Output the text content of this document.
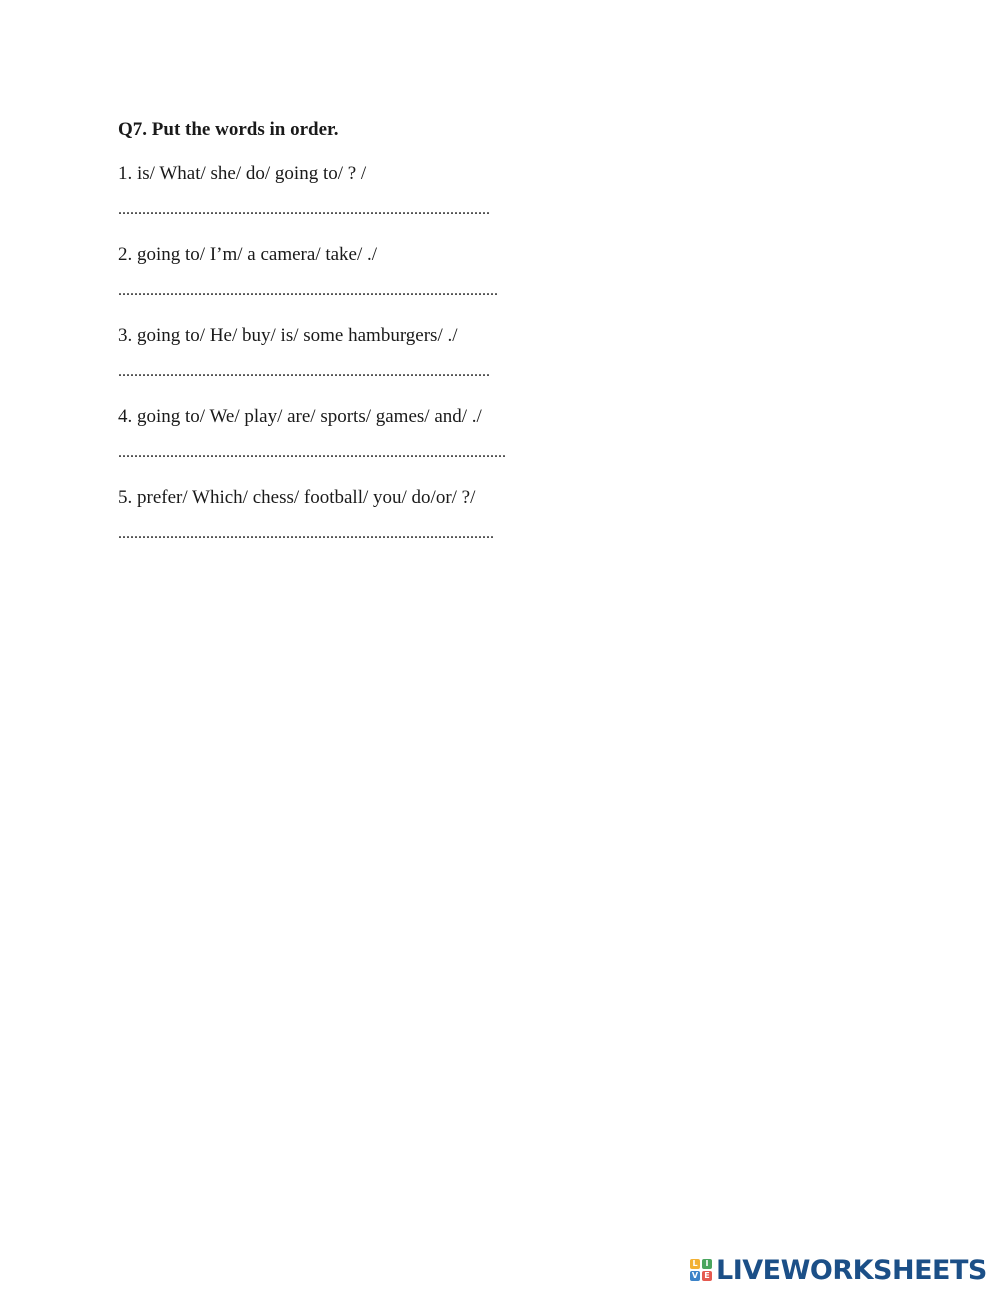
Q7. Put the words in order.

1. is/ What/ she/ do/ going to/ ? /

.............................................................................................

2. going to/ I’m/ a camera/ take/ ./

...............................................................................................

3. going to/ He/ buy/ is/ some hamburgers/ ./

.............................................................................................

4. going to/ We/ play/ are/ sports/ games/ and/ ./

.................................................................................................

5. prefer/ Which/ chess/ football/ you/ do/or/ ?/

..............................................................................................
L I
V E LIVEWORKSHEETS
